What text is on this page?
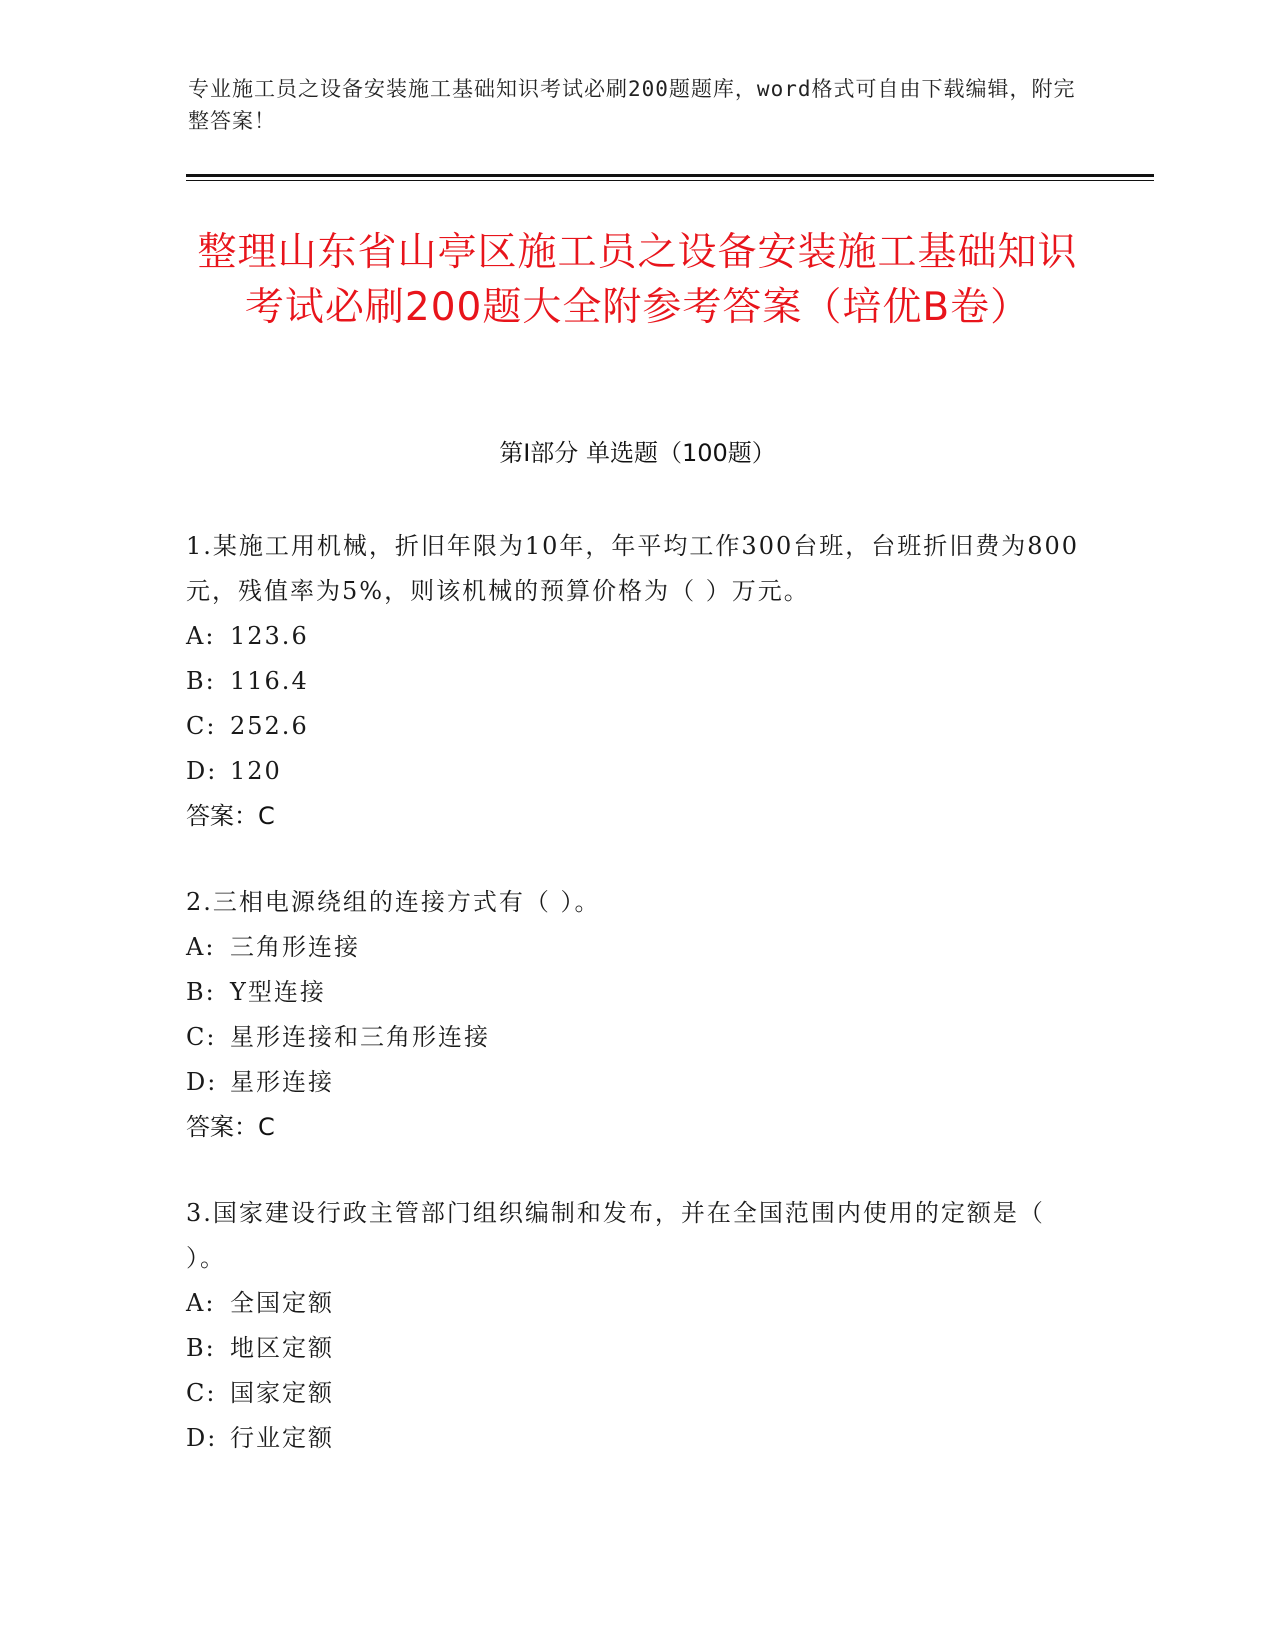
专业施工员之设备安装施工基础知识考试必刷200题题库，word格式可自由下载编辑，附完整答案！
整理山东省山亭区施工员之设备安装施工基础知识考试必刷200题大全附参考答案（培优B卷）
第Ⅰ部分 单选题（100题）
1.某施工用机械，折旧年限为10年，年平均工作300台班，台班折旧费为800元，残值率为5%，则该机械的预算价格为（ ）万元。
A: 123.6
B: 116.4
C: 252.6
D: 120
答案：C
2.三相电源绕组的连接方式有（ ）。
A: 三角形连接
B: Y型连接
C: 星形连接和三角形连接
D: 星形连接
答案：C
3.国家建设行政主管部门组织编制和发布，并在全国范围内使用的定额是（ ）。
A: 全国定额
B: 地区定额
C: 国家定额
D: 行业定额
